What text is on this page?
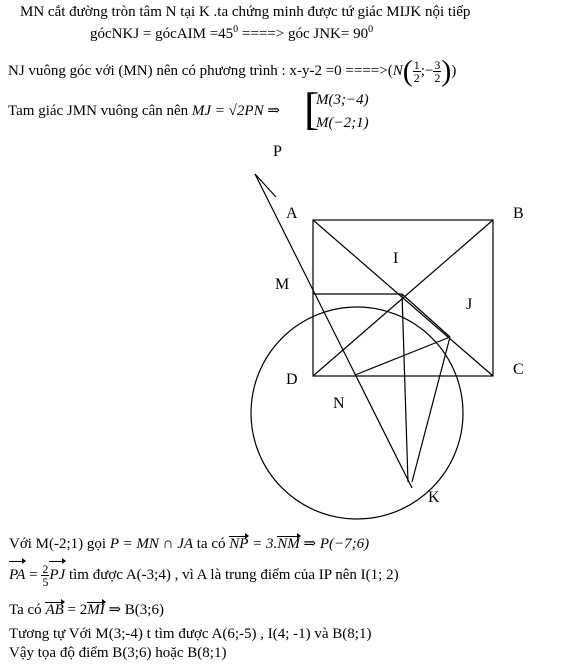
MN cắt đường tròn tâm N tại K .ta chứng minh được tứ giác MIJK nội tiếp
gócNKJ = gócAIM $=45^0$ ====> góc $JNK= 90^0$
NJ vuông góc với (MN) nên có phương trình : $x-y-2 =0 ====>(N( \frac{1}{2}$ ;− $\frac{3}{2}$ ))
Tam giác JMN vuông cân nên MJ = √2PN ⇒ [
M(3;−4)
M(−2;1)
P
A	B
I
M
J
D
C
N
K
Với M(-2;1) gọi P = MN ∩ JA ta có NP = 3.NM ⇒ P(−7;6)
PA = $\frac{2}{5}$ PJ tìm được A(-3;4) , vì A là trung điểm của IP nên I(1; 2)
Ta có AB = 2MI ⇒ B(3;6)
Tương tự Với M(3;-4) t tìm được A(6;-5) , I(4; -1) và B(8;1)
Vậy tọa độ điểm B(3;6) hoặc B(8;1)
